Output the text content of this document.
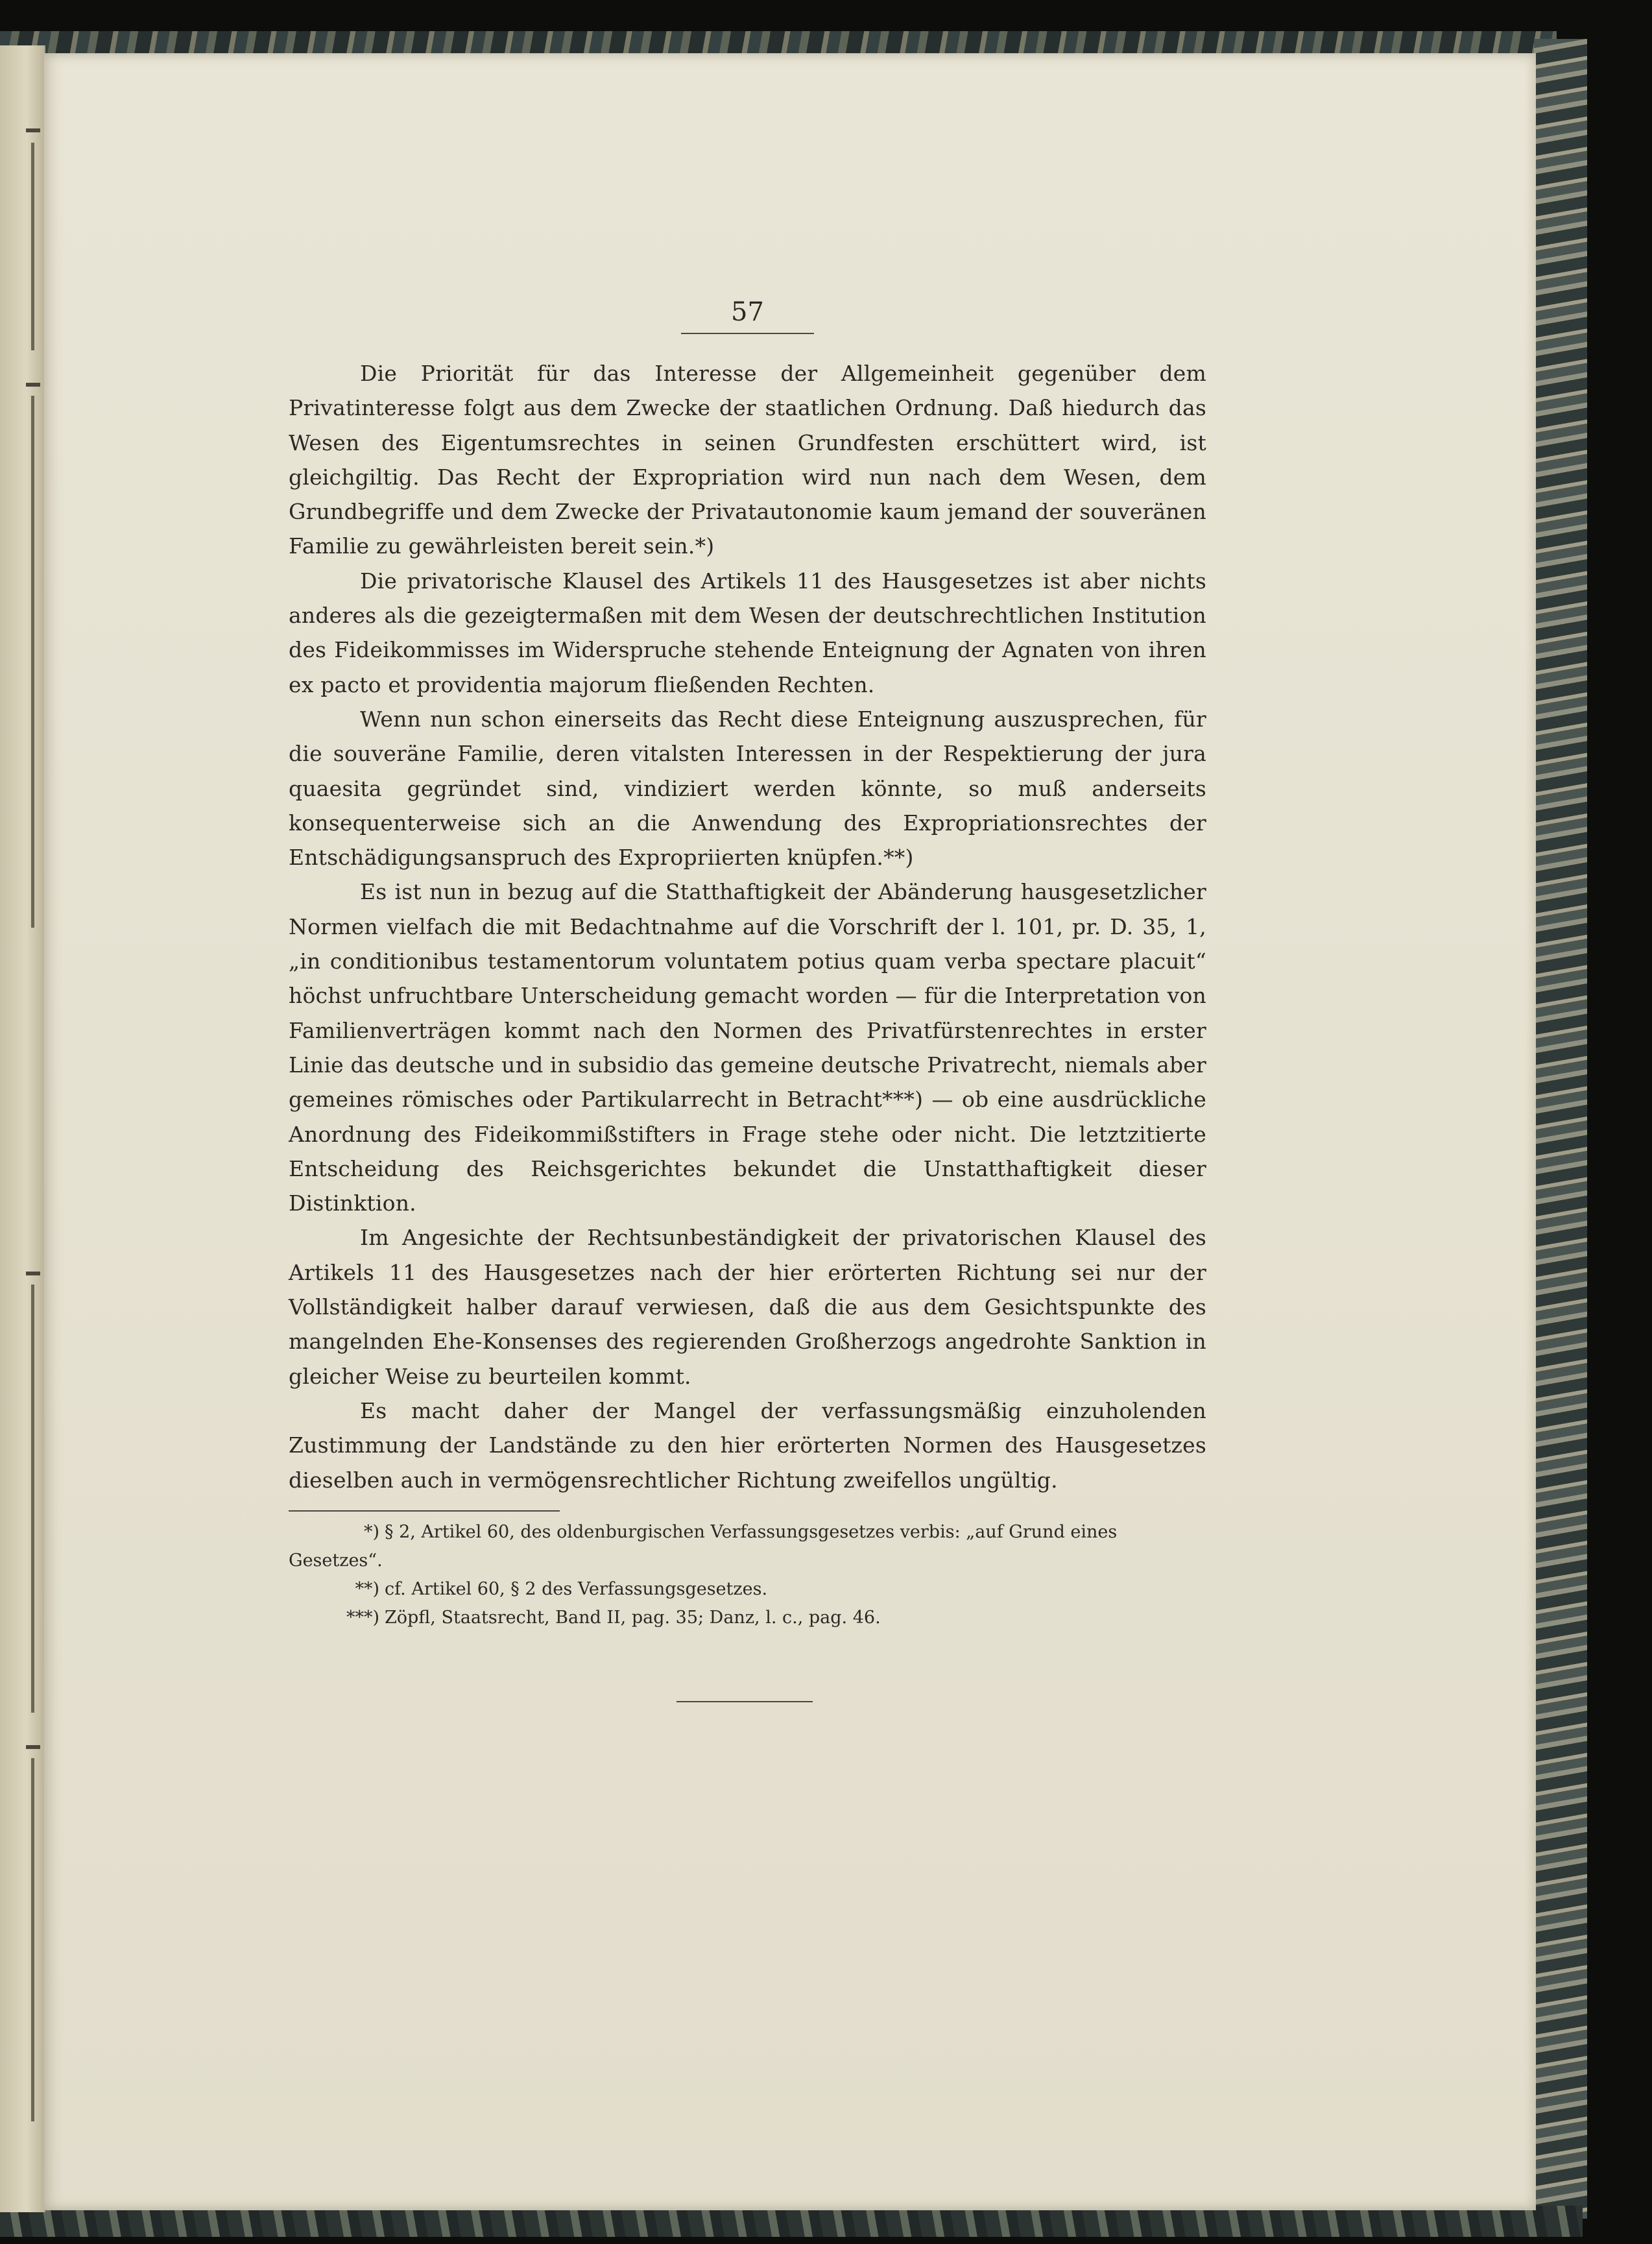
57

Die Priorität für das Interesse der Allgemeinheit gegenüber dem Privatinteresse folgt aus dem Zwecke der staatlichen Ordnung. Daß hiedurch das Wesen des Eigentumsrechtes in seinen Grundfesten erschüttert wird, ist gleichgiltig. Das Recht der Expropriation wird nun nach dem Wesen, dem Grundbegriffe und dem Zwecke der Privatautonomie kaum jemand der souveränen Familie zu gewährleisten bereit sein.*)

Die privatorische Klausel des Artikels 11 des Hausgesetzes ist aber nichts anderes als die gezeigtermaßen mit dem Wesen der deutschrechtlichen Institution des Fideikommisses im Widerspruche stehende Enteignung der Agnaten von ihren ex pacto et providentia majorum fließenden Rechten.

Wenn nun schon einerseits das Recht diese Enteignung auszusprechen, für die souveräne Familie, deren vitalsten Interessen in der Respektierung der jura quaesita gegründet sind, vindiziert werden könnte, so muß anderseits konsequenterweise sich an die Anwendung des Expropriationsrechtes der Entschädigungsanspruch des Expropriierten knüpfen.**)

Es ist nun in bezug auf die Statthaftigkeit der Abänderung hausgesetzlicher Normen vielfach die mit Bedachtnahme auf die Vorschrift der l. 101, pr. D. 35, 1, „in conditionibus testamentorum voluntatem potius quam verba spectare placuit“ höchst unfruchtbare Unterscheidung gemacht worden — für die Interpretation von Familienverträgen kommt nach den Normen des Privatfürstenrechtes in erster Linie das deutsche und in subsidio das gemeine deutsche Privatrecht, niemals aber gemeines römisches oder Partikularrecht in Betracht***) — ob eine ausdrückliche Anordnung des Fideikommißstifters in Frage stehe oder nicht. Die letztzitierte Entscheidung des Reichsgerichtes bekundet die Unstatthaftigkeit dieser Distinktion.

Im Angesichte der Rechtsunbeständigkeit der privatorischen Klausel des Artikels 11 des Hausgesetzes nach der hier erörterten Richtung sei nur der Vollständigkeit halber darauf verwiesen, daß die aus dem Gesichtspunkte des mangelnden Ehe-Konsenses des regierenden Großherzogs angedrohte Sanktion in gleicher Weise zu beurteilen kommt.

Es macht daher der Mangel der verfassungsmäßig einzuholenden Zustimmung der Landstände zu den hier erörterten Normen des Hausgesetzes dieselben auch in vermögensrechtlicher Richtung zweifellos ungültig.

*) § 2, Artikel 60, des oldenburgischen Verfassungsgesetzes verbis: „auf Grund eines Gesetzes“.

**) cf. Artikel 60, § 2 des Verfassungsgesetzes.

***) Zöpfl, Staatsrecht, Band II, pag. 35; Danz, l. c., pag. 46.
